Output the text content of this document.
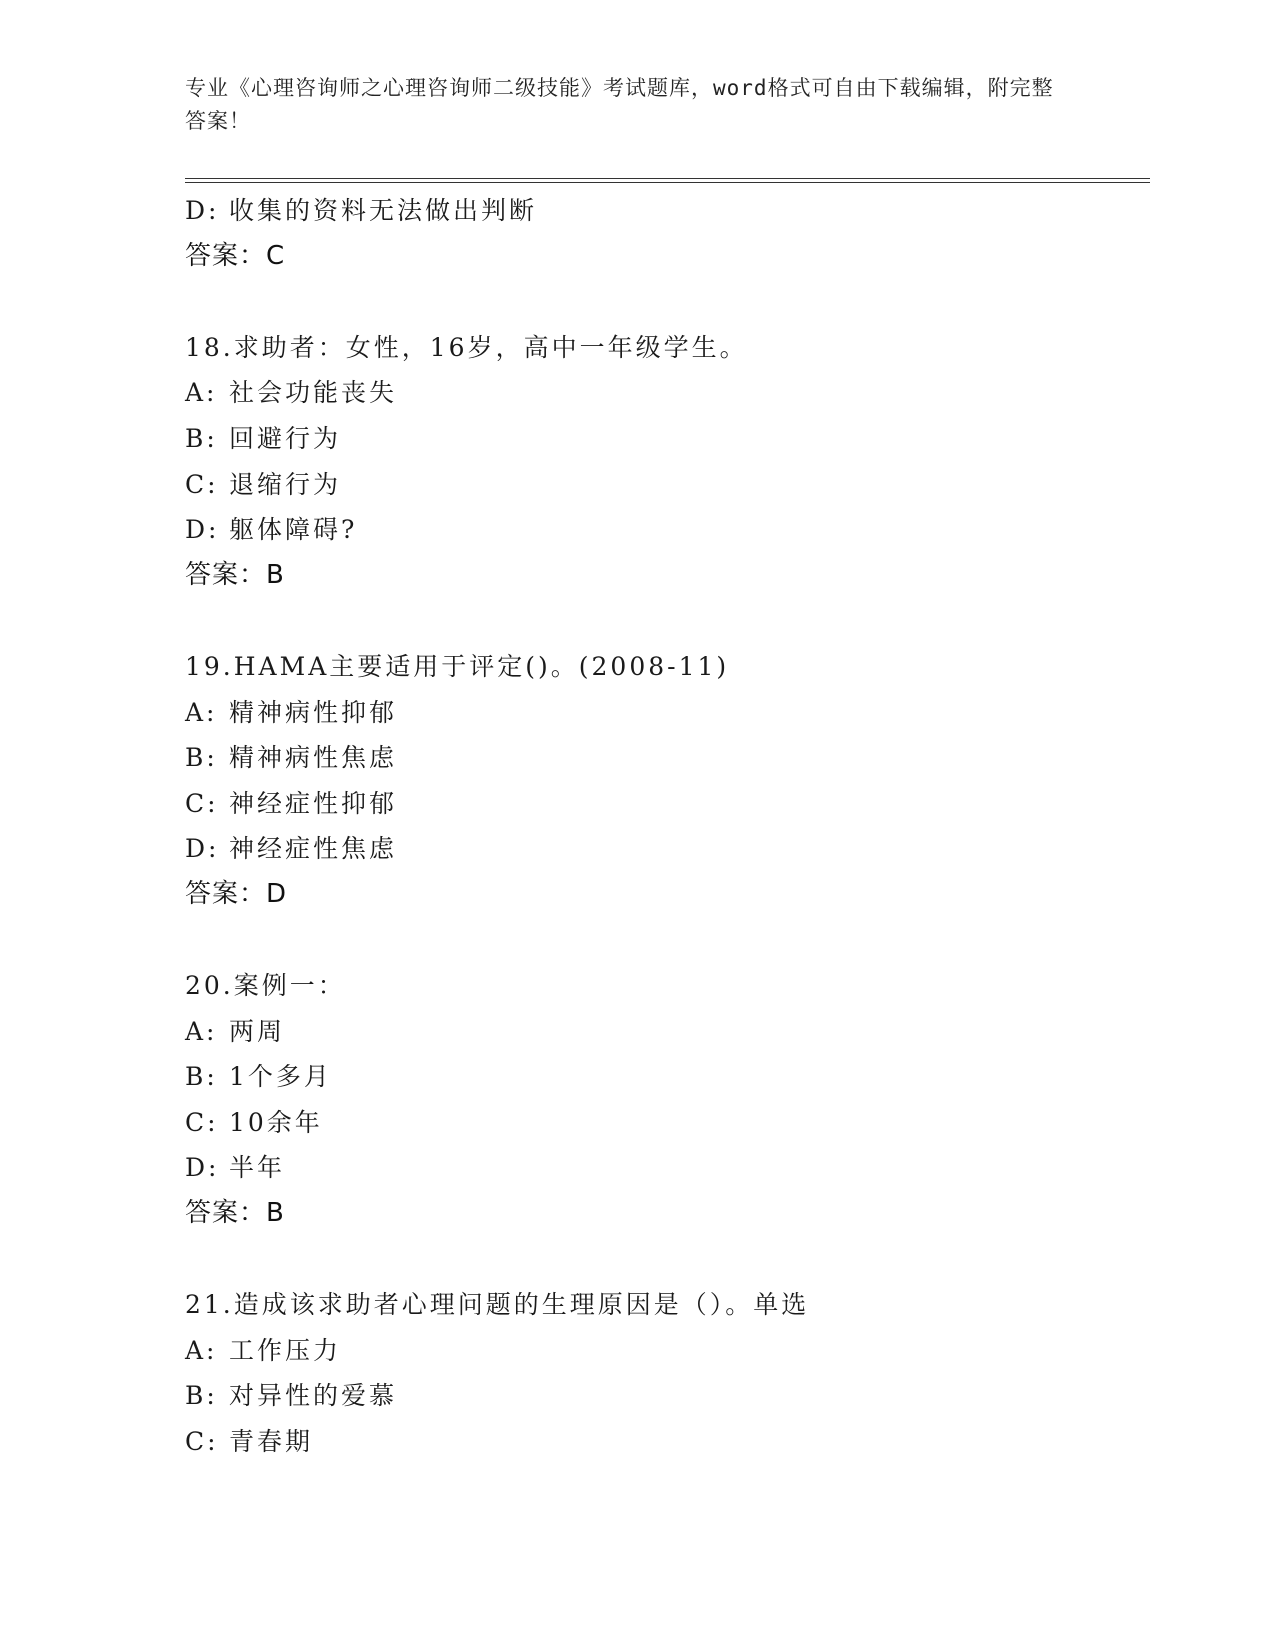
专业《心理咨询师之心理咨询师二级技能》考试题库，word格式可自由下载编辑，附完整答案！
D: 收集的资料无法做出判断
答案：C
18.求助者：女性，16岁，高中一年级学生。
A: 社会功能丧失
B: 回避行为
C: 退缩行为
D: 躯体障碍?
答案：B
19.HAMA主要适用于评定()。(2008-11)
A: 精神病性抑郁
B: 精神病性焦虑
C: 神经症性抑郁
D: 神经症性焦虑
答案：D
20.案例一：
A: 两周
B: 1个多月
C: 10余年
D: 半年
答案：B
21.造成该求助者心理问题的生理原因是（）。单选
A: 工作压力
B: 对异性的爱慕
C: 青春期
